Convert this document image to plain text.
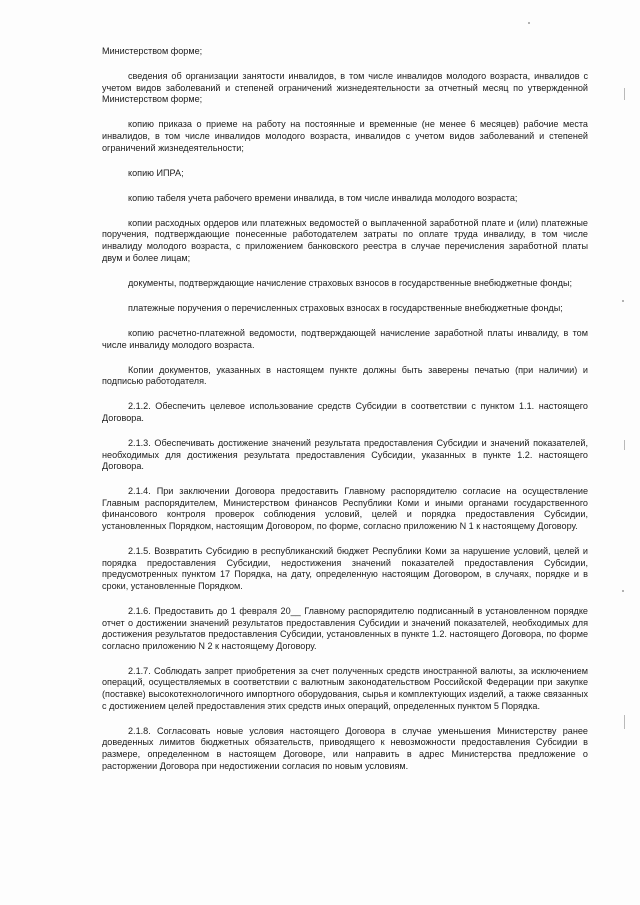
Министерством форме;

сведения об организации занятости инвалидов, в том числе инвалидов молодого возраста, инвалидов с учетом видов заболеваний и степеней ограничений жизнедеятельности за отчетный месяц по утвержденной Министерством форме;

копию приказа о приеме на работу на постоянные и временные (не менее 6 месяцев) рабочие места инвалидов, в том числе инвалидов молодого возраста, инвалидов с учетом видов заболеваний и степеней ограничений жизнедеятельности;

копию ИПРА;

копию табеля учета рабочего времени инвалида, в том числе инвалида молодого возраста;

копии расходных ордеров или платежных ведомостей о выплаченной заработной плате и (или) платежные поручения, подтверждающие понесенные работодателем затраты по оплате труда инвалиду, в том числе инвалиду молодого возраста, с приложением банковского реестра в случае перечисления заработной платы двум и более лицам;

документы, подтверждающие начисление страховых взносов в государственные внебюджетные фонды;

платежные поручения о перечисленных страховых взносах в государственные внебюджетные фонды;

копию расчетно-платежной ведомости, подтверждающей начисление заработной платы инвалиду, в том числе инвалиду молодого возраста.

Копии документов, указанных в настоящем пункте должны быть заверены печатью (при наличии) и подписью работодателя.

2.1.2. Обеспечить целевое использование средств Субсидии в соответствии с пунктом 1.1. настоящего Договора.

2.1.3. Обеспечивать достижение значений результата предоставления Субсидии и значений показателей, необходимых для достижения результата предоставления Субсидии, указанных в пункте 1.2. настоящего Договора.

2.1.4. При заключении Договора предоставить Главному распорядителю согласие на осуществление Главным распорядителем, Министерством финансов Республики Коми и иными органами государственного финансового контроля проверок соблюдения условий, целей и порядка предоставления Субсидии, установленных Порядком, настоящим Договором, по форме, согласно приложению N 1 к настоящему Договору.

2.1.5. Возвратить Субсидию в республиканский бюджет Республики Коми за нарушение условий, целей и порядка предоставления Субсидии, недостижения значений показателей предоставления Субсидии, предусмотренных пунктом 17 Порядка, на дату, определенную настоящим Договором, в случаях, порядке и в сроки, установленные Порядком.

2.1.6. Предоставить до 1 февраля 20__ Главному распорядителю подписанный в установленном порядке отчет о достижении значений результатов предоставления Субсидии и значений показателей, необходимых для достижения результатов предоставления Субсидии, установленных в пункте 1.2. настоящего Договора, по форме согласно приложению N 2 к настоящему Договору.

2.1.7. Соблюдать запрет приобретения за счет полученных средств иностранной валюты, за исключением операций, осуществляемых в соответствии с валютным законодательством Российской Федерации при закупке (поставке) высокотехнологичного импортного оборудования, сырья и комплектующих изделий, а также связанных с достижением целей предоставления этих средств иных операций, определенных пунктом 5 Порядка.

2.1.8. Согласовать новые условия настоящего Договора в случае уменьшения Министерству ранее доведенных лимитов бюджетных обязательств, приводящего к невозможности предоставления Субсидии в размере, определенном в настоящем Договоре, или направить в адрес Министерства предложение о расторжении Договора при недостижении согласия по новым условиям.
